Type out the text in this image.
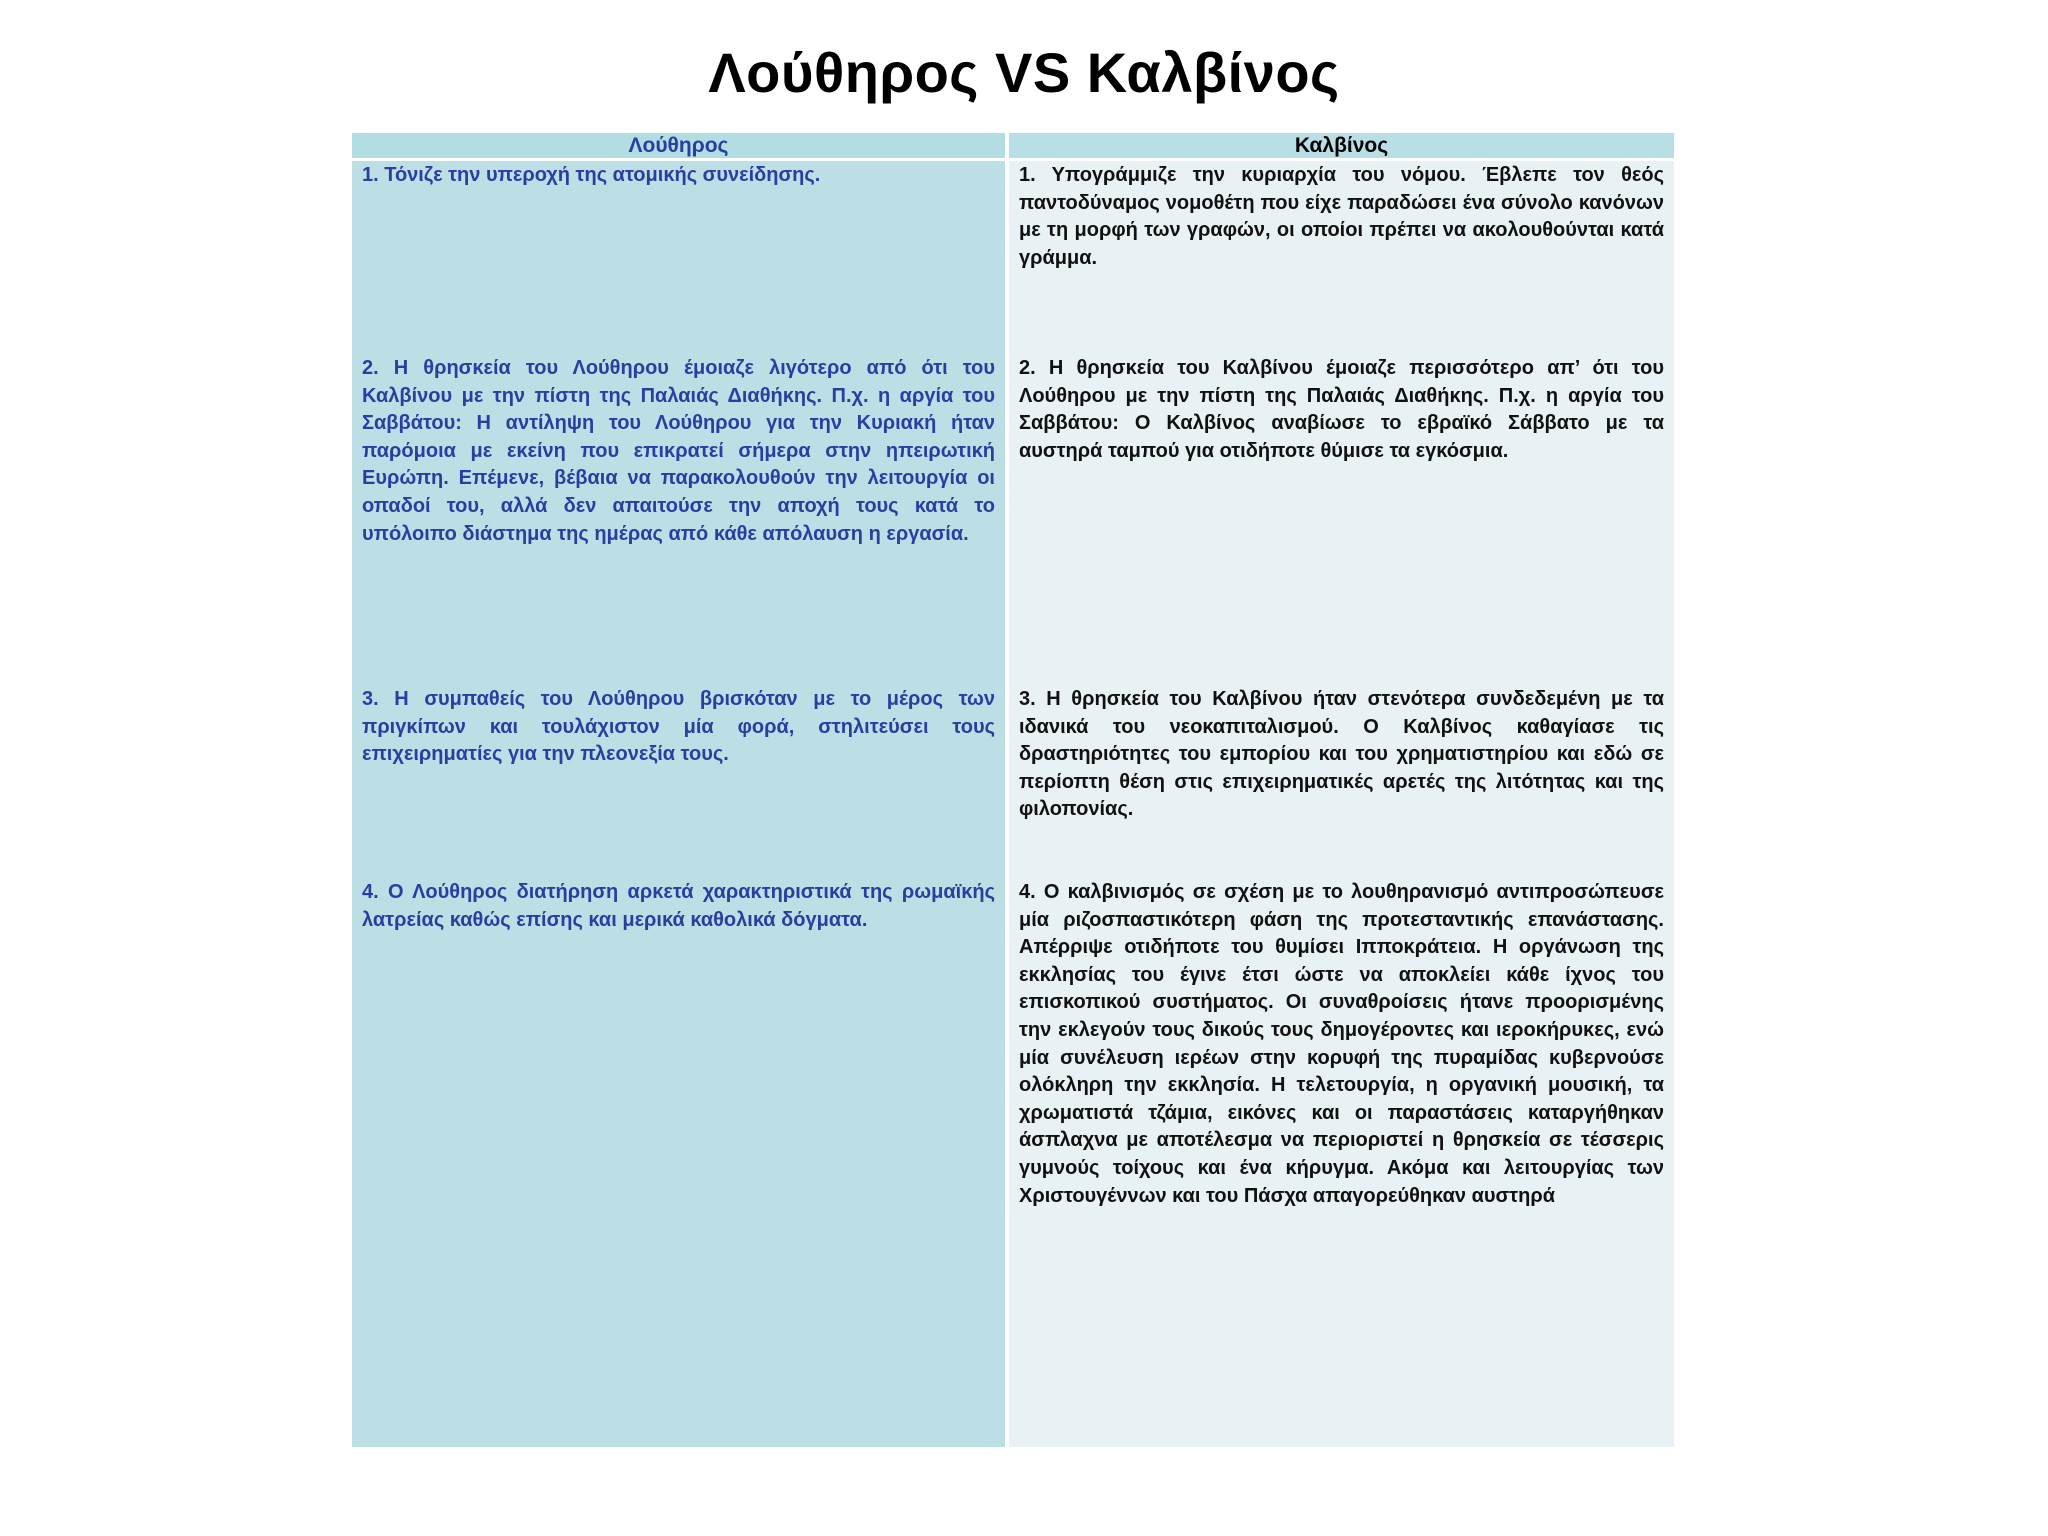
Λούθηρος VS Καλβίνος
Λούθηρος

1. Τόνιζε την υπεροχή της ατομικής συνείδησης.

2. Η θρησκεία του Λούθηρου έμοιαζε λιγότερο από ότι του Καλβίνου με την πίστη της Παλαιάς Διαθήκης. Π.χ. η αργία του Σαββάτου: Η αντίληψη του Λούθηρου για την Κυριακή ήταν παρόμοια με εκείνη που επικρατεί σήμερα στην ηπειρωτική Ευρώπη. Επέμενε, βέβαια να παρακολουθούν την λειτουργία οι οπαδοί του, αλλά δεν απαιτούσε την αποχή τους κατά το υπόλοιπο διάστημα της ημέρας από κάθε απόλαυση η εργασία.

3. Η συμπαθείς του Λούθηρου βρισκόταν με το μέρος των πριγκίπων και τουλάχιστον μία φορά, στηλιτεύσει τους επιχειρηματίες για την πλεονεξία τους.

4. Ο Λούθηρος διατήρηση αρκετά χαρακτηριστικά της ρωμαϊκής λατρείας καθώς επίσης και μερικά καθολικά δόγματα.

Καλβίνος

1. Υπογράμμιζε την κυριαρχία του νόμου. Έβλεπε τον θεός παντοδύναμος νομοθέτη που είχε παραδώσει ένα σύνολο κανόνων με τη μορφή των γραφών, οι οποίοι πρέπει να ακολουθούνται κατά γράμμα.

2. Η θρησκεία του Καλβίνου έμοιαζε περισσότερο απ’ ότι του Λούθηρου με την πίστη της Παλαιάς Διαθήκης. Π.χ. η αργία του Σαββάτου: Ο Καλβίνος αναβίωσε το εβραϊκό Σάββατο με τα αυστηρά ταμπού για οτιδήποτε θύμισε τα εγκόσμια.

3. Η θρησκεία του Καλβίνου ήταν στενότερα συνδεδεμένη με τα ιδανικά του νεοκαπιταλισμού. Ο Καλβίνος καθαγίασε τις δραστηριότητες του εμπορίου και του χρηματιστηρίου και εδώ σε περίοπτη θέση στις επιχειρηματικές αρετές της λιτότητας και της φιλοπονίας.

4. Ο καλβινισμός σε σχέση με το λουθηρανισμό αντιπροσώπευσε μία ριζοσπαστικότερη φάση της προτεσταντικής επανάστασης. Απέρριψε οτιδήποτε του θυμίσει Ιπποκράτεια. Η οργάνωση της εκκλησίας του έγινε έτσι ώστε να αποκλείει κάθε ίχνος του επισκοπικού συστήματος. Οι συναθροίσεις ήτανε προορισμένης την εκλεγούν τους δικούς τους δημογέροντες και ιεροκήρυκες, ενώ μία συνέλευση ιερέων στην κορυφή της πυραμίδας κυβερνούσε ολόκληρη την εκκλησία. Η τελετουργία, η οργανική μουσική, τα χρωματιστά τζάμια, εικόνες και οι παραστάσεις καταργήθηκαν άσπλαχνα με αποτέλεσμα να περιοριστεί η θρησκεία σε τέσσερις γυμνούς τοίχους και ένα κήρυγμα. Ακόμα και λειτουργίας των Χριστουγέννων και του Πάσχα απαγορεύθηκαν αυστηρά
